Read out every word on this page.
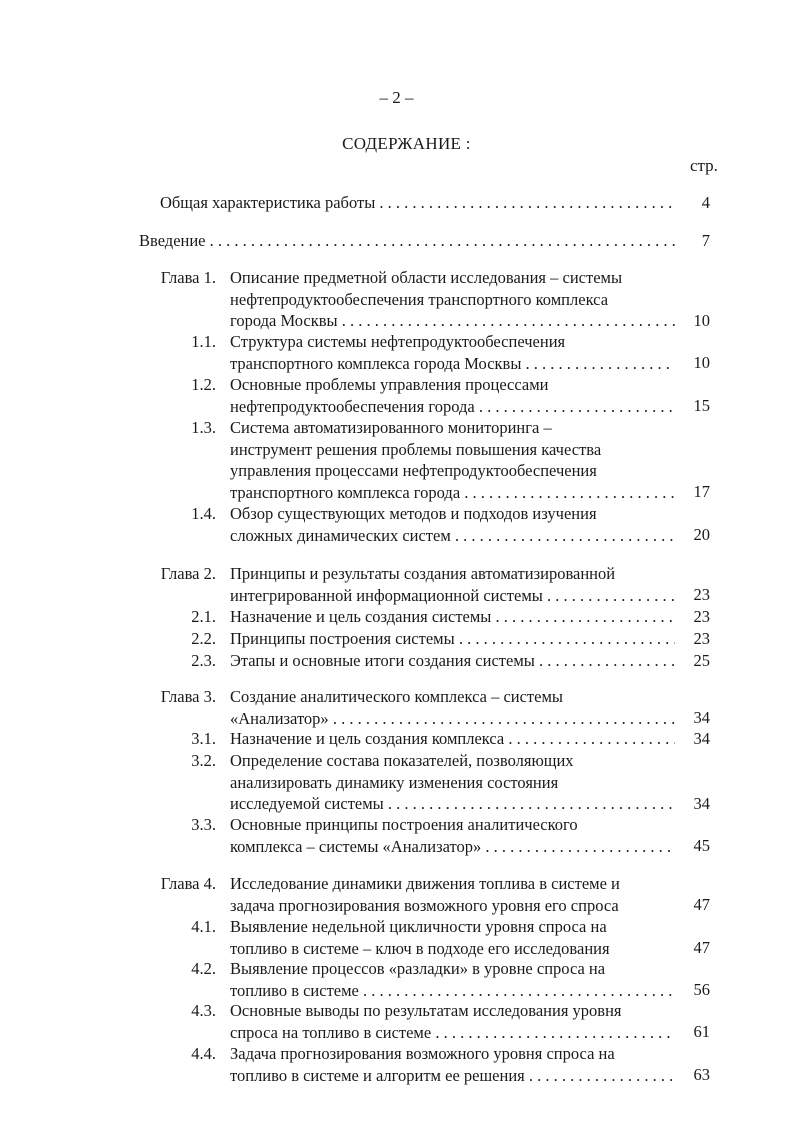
– 2 –
СОДЕРЖАНИЕ :
стр.
Общая характеристика работы . . .	4
Введение . . .	7
Глава 1. Описание предметной области исследования – системы
нефтепродуктообеспечения транспортного комплекса
города Москвы . . .	10
1.1. Структура системы нефтепродуктообеспечения
транспортного комплекса города Москвы . . .	10
1.2. Основные проблемы управления процессами
нефтепродуктообеспечения города . . .	15
1.3. Система автоматизированного мониторинга –
инструмент решения проблемы повышения качества
управления процессами нефтепродуктообеспечения
транспортного комплекса города . . .	17
1.4. Обзор существующих методов и подходов изучения
сложных динамических систем . . .	20
Глава 2. Принципы и результаты создания автоматизированной
интегрированной информационной системы . . .	23
2.1. Назначение и цель создания системы . . .	23
2.2. Принципы построения системы . . .	23
2.3. Этапы и основные итоги создания системы . . .	25
Глава 3. Создание аналитического комплекса – системы
«Анализатор» . . .	34
3.1. Назначение и цель создания комплекса . . .	34
3.2. Определение состава показателей, позволяющих
анализировать динамику изменения состояния
исследуемой системы . . .	34
3.3. Основные принципы построения аналитического
комплекса – системы «Анализатор» . . .	45
Глава 4. Исследование динамики движения топлива в системе и
задача прогнозирования возможного уровня его спроса	47
4.1. Выявление недельной цикличности уровня спроса на
топливо в системе – ключ в подходе его исследования	47
4.2. Выявление процессов «разладки» в уровне спроса на
топливо в системе . . .	56
4.3. Основные выводы по результатам исследования уровня
спроса на топливо в системе . . .	61
4.4. Задача прогнозирования возможного уровня спроса на
топливо в системе и алгоритм ее решения . . .	63
